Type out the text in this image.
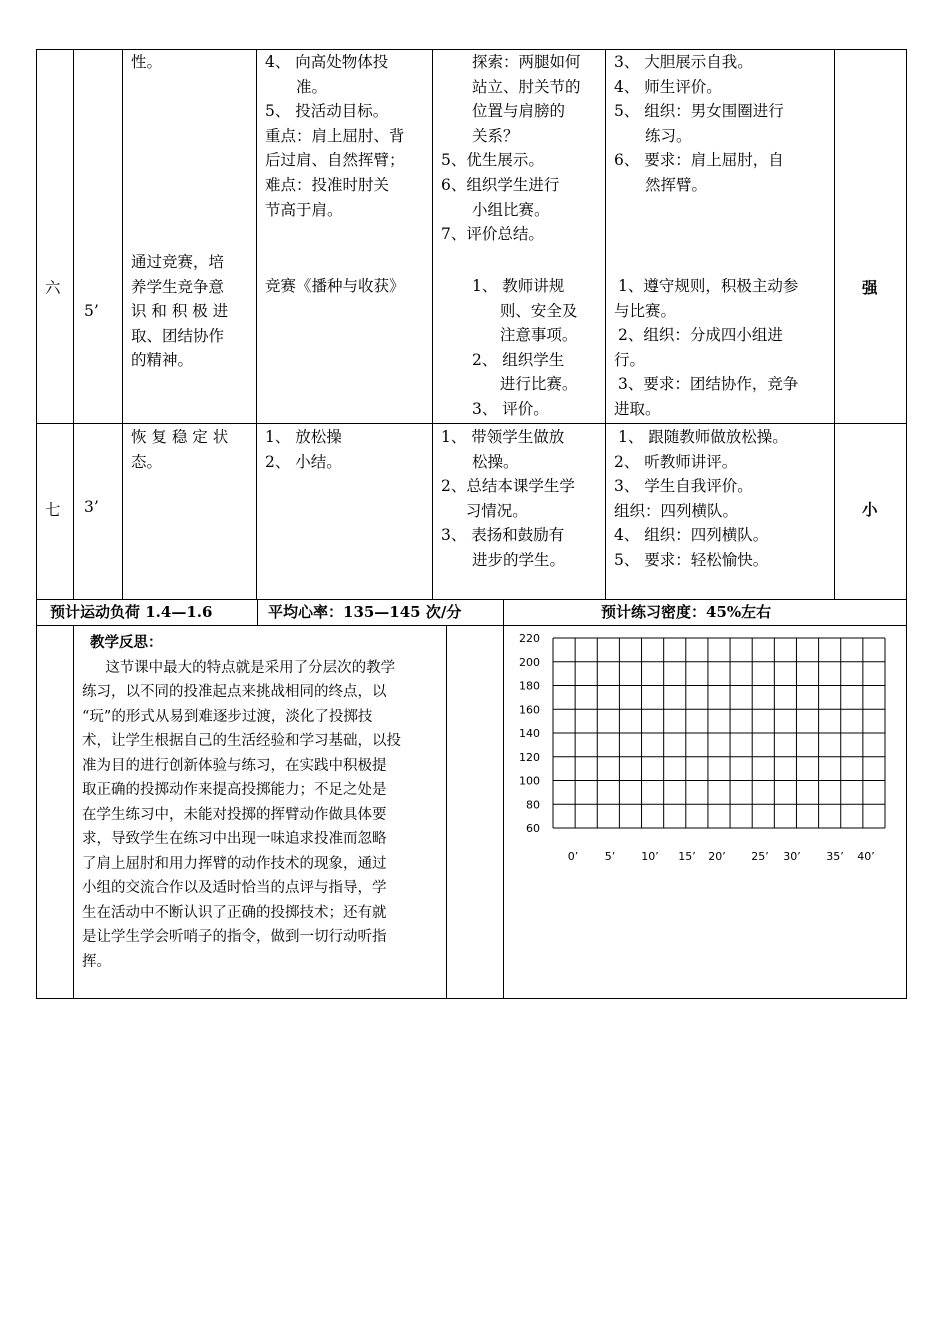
六
5’
性。
通过竞赛，培
养学生竞争意
识 和 积 极 进
取、团结协作
的精神。
4、 向高处物体投
准。
5、 投活动目标。
重点：肩上屈肘、背
后过肩、自然挥臂；
难点：投准时肘关
节高于肩。
竞赛《播种与收获》
探索：两腿如何
站立、肘关节的
位置与肩膀的
关系？
5、优生展示。
6、组织学生进行
小组比赛。
7、评价总结。
1、 教师讲规
则、安全及
注意事项。
2、 组织学生
进行比赛。
3、 评价。
3、 大胆展示自我。
4、 师生评价。
5、 组织：男女围圈进行
练习。
6、 要求：肩上屈肘，自
然挥臂。
1、遵守规则，积极主动参
与比赛。
2、组织：分成四小组进
行。
3、要求：团结协作，竞争
进取。
强
七 3’
恢 复 稳 定 状
态。
1、 放松操
2、 小结。
1、 带领学生做放
松操。
2、总结本课学生学
习情况。
3、 表扬和鼓励有
进步的学生。
1、 跟随教师做放松操。
2、 听教师讲评。
3、 学生自我评价。
组织：四列横队。
4、 组织：四列横队。
5、 要求：轻松愉快。
小
预计运动负荷 1.4—1.6	平均心率：135—145 次/分	预计练习密度：45%左右
教学反思：
这节课中最大的特点就是采用了分层次的教学
练习，以不同的投准起点来挑战相同的终点，以
“玩”的形式从易到难逐步过渡，淡化了投掷技
术，让学生根据自己的生活经验和学习基础，以投
准为目的进行创新体验与练习，在实践中积极提
取正确的投掷动作来提高投掷能力；不足之处是
在学生练习中，未能对投掷的挥臂动作做具体要
求，导致学生在练习中出现一味追求投准而忽略
了肩上屈肘和用力挥臂的动作技术的现象，通过
小组的交流合作以及适时恰当的点评与指导，学
生在活动中不断认识了正确的投掷技术；还有就
是让学生学会听哨子的指令，做到一切行动听指
挥。
220
200
180
160
140
120
100
80
60
0’ 5’ 10’ 15’ 20’ 25’ 30’ 35’ 40’
